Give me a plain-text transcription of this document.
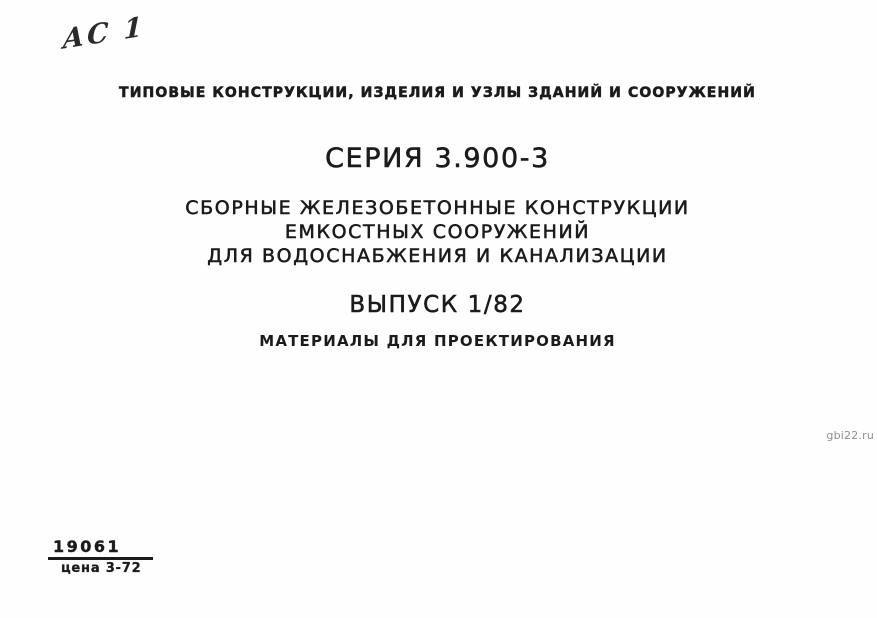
АС 1
ТИПОВЫЕ КОНСТРУКЦИИ, ИЗДЕЛИЯ И УЗЛЫ ЗДАНИЙ И СООРУЖЕНИЙ
СЕРИЯ 3.900-3
СБОРНЫЕ ЖЕЛЕЗОБЕТОННЫЕ КОНСТРУКЦИИ
ЕМКОСТНЫХ СООРУЖЕНИЙ
ДЛЯ ВОДОСНАБЖЕНИЯ И КАНАЛИЗАЦИИ
ВЫПУСК 1/82
МАТЕРИАЛЫ ДЛЯ ПРОЕКТИРОВАНИЯ
19061
цена 3-72
gbi22.ru
